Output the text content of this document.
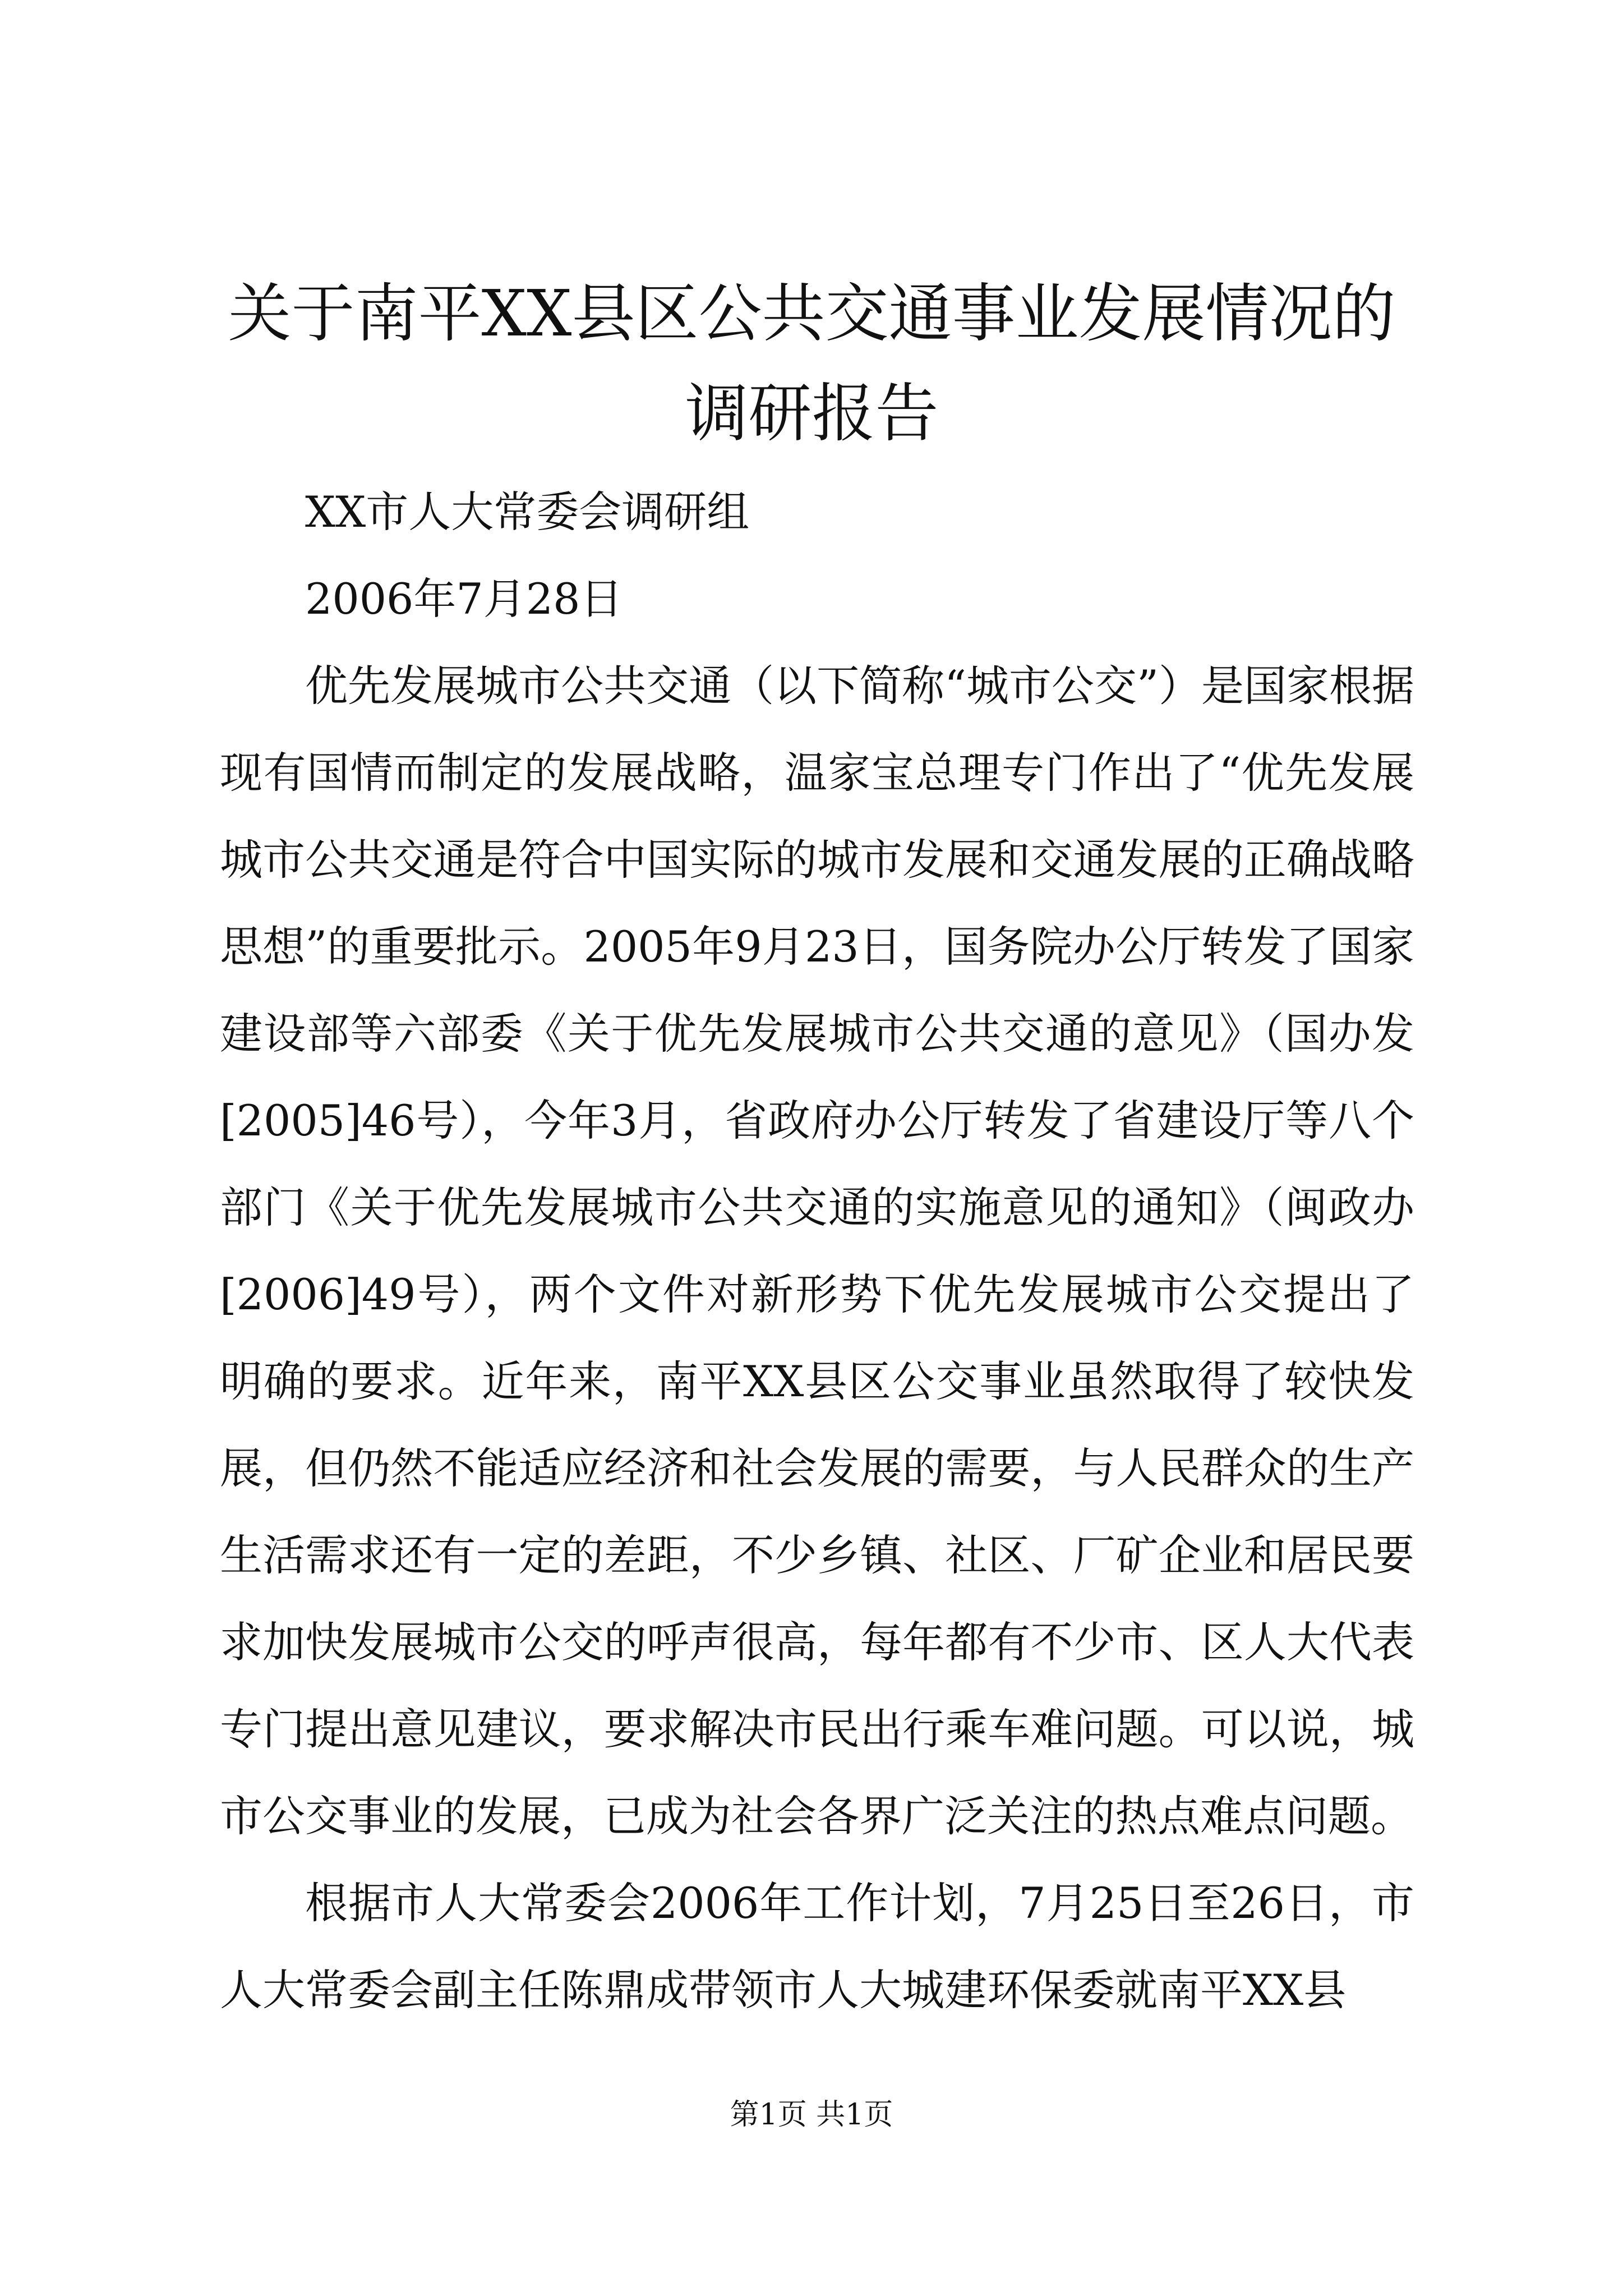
关于南平XX县区公共交通事业发展情况的调研报告

XX市人大常委会调研组

2006年7月28日

优先发展城市公共交通（以下简称“城市公交”）是国家根据现有国情而制定的发展战略，温家宝总理专门作出了“优先发展城市公共交通是符合中国实际的城市发展和交通发展的正确战略思想”的重要批示。2005年9月23日，国务院办公厅转发了国家建设部等六部委《关于优先发展城市公共交通的意见》（国办发[2005]46号），今年3月，省政府办公厅转发了省建设厅等八个部门《关于优先发展城市公共交通的实施意见的通知》（闽政办[2006]49号），两个文件对新形势下优先发展城市公交提出了明确的要求。近年来，南平XX县区公交事业虽然取得了较快发展，但仍然不能适应经济和社会发展的需要，与人民群众的生产生活需求还有一定的差距，不少乡镇、社区、厂矿企业和居民要求加快发展城市公交的呼声很高，每年都有不少市、区人大代表专门提出意见建议，要求解决市民出行乘车难问题。可以说，城市公交事业的发展，已成为社会各界广泛关注的热点难点问题。

根据市人大常委会2006年工作计划，7月25日至26日，市人大常委会副主任陈鼎成带领市人大城建环保委就南平XX县

第1页 共1页
